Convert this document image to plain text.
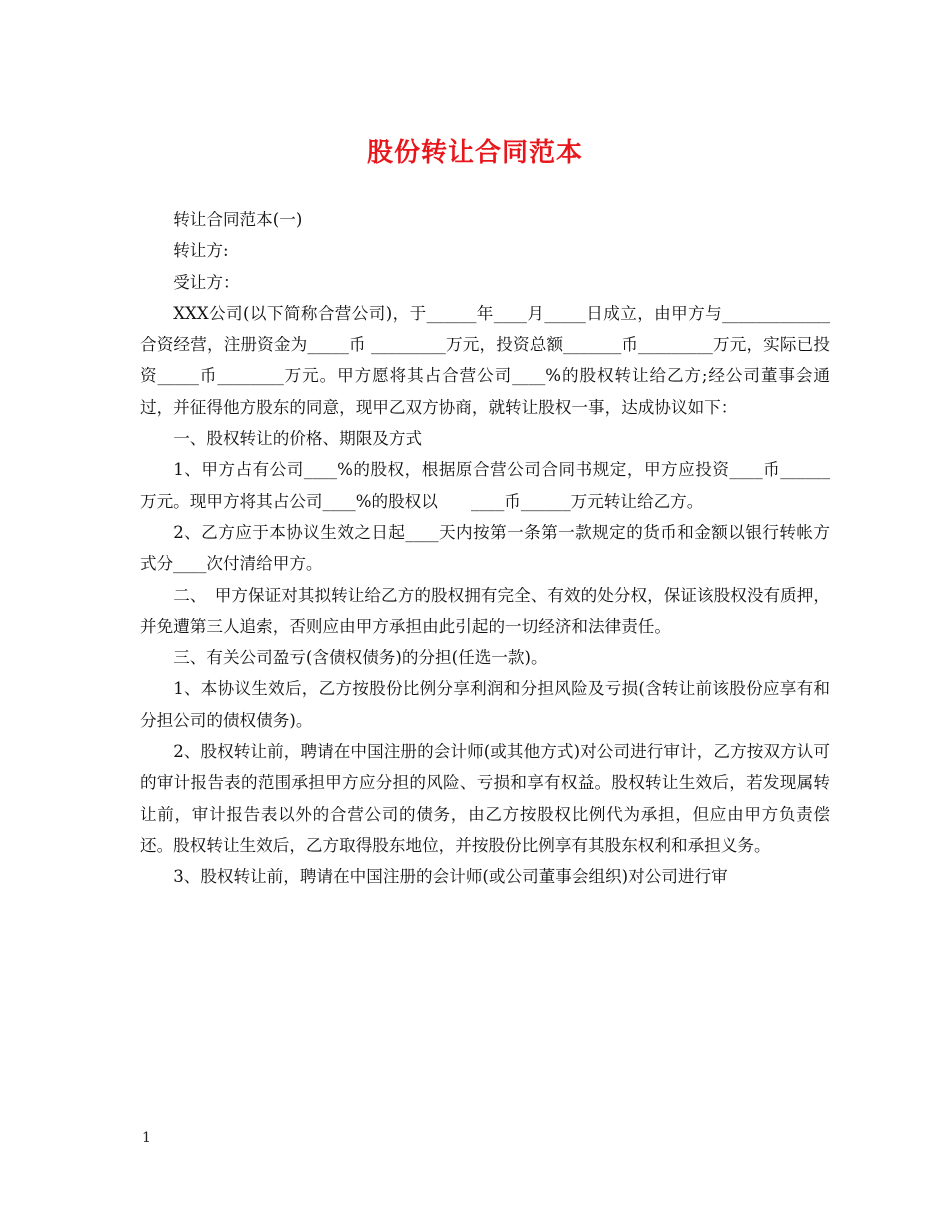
股份转让合同范本

转让合同范本(一)

转让方:

受让方：

XXX公司(以下简称合营公司)，于______年____月_____日成立，由甲方与_____________合资经营，注册资金为_____币 _________万元，投资总额_______币_________万元，实际已投资_____币________万元。甲方愿将其占合营公司____%的股权转让给乙方;经公司董事会通过，并征得他方股东的同意，现甲乙双方协商，就转让股权一事，达成协议如下：

一、股权转让的价格、期限及方式

1、甲方占有公司____%的股权，根据原合营公司合同书规定，甲方应投资____币______万元。现甲方将其占公司____%的股权以　　____币______万元转让给乙方。

2、乙方应于本协议生效之日起____天内按第一条第一款规定的货币和金额以银行转帐方式分____次付清给甲方。

二、　甲方保证对其拟转让给乙方的股权拥有完全、有效的处分权，保证该股权没有质押，并免遭第三人追索，否则应由甲方承担由此引起的一切经济和法律责任。

三、有关公司盈亏(含债权债务)的分担(任选一款)。

1、本协议生效后，乙方按股份比例分享利润和分担风险及亏损(含转让前该股份应享有和分担公司的债权债务)。

2、股权转让前，聘请在中国注册的会计师(或其他方式)对公司进行审计，乙方按双方认可的审计报告表的范围承担甲方应分担的风险、亏损和享有权益。股权转让生效后，若发现属转让前，审计报告表以外的合营公司的债务，由乙方按股权比例代为承担，但应由甲方负责偿还。股权转让生效后，乙方取得股东地位，并按股份比例享有其股东权利和承担义务。

3、股权转让前，聘请在中国注册的会计师(或公司董事会组织)对公司进行审

1
